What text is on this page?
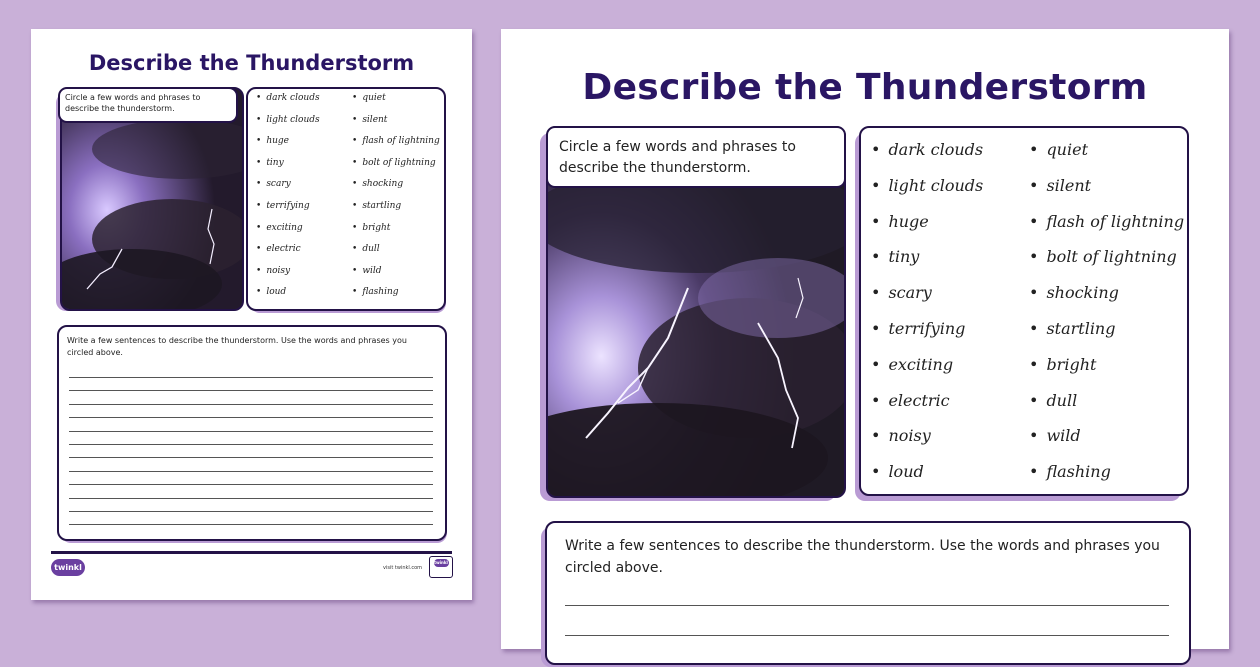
Describe the Thunderstorm
Circle a few words and phrases to describe the thunderstorm.
• dark clouds	• quiet
• light clouds	• silent
• huge	• flash of lightning
• tiny	• bolt of lightning
• scary	• shocking
• terrifying	• startling
• exciting	• bright
• electric	• dull
• noisy	• wild
• loud	• flashing
Write a few sentences to describe the thunderstorm. Use the words and phrases you circled above.
twinkl	visit twinkl.com
twinkl
Describe the Thunderstorm
Circle a few words and phrases to describe the thunderstorm.
• dark clouds	• quiet
• light clouds	• silent
• huge	• flash of lightning
• tiny	• bolt of lightning
• scary	• shocking
• terrifying	• startling
• exciting	• bright
• electric	• dull
• noisy	• wild
• loud	• flashing
Write a few sentences to describe the thunderstorm. Use the words and phrases you circled above.
